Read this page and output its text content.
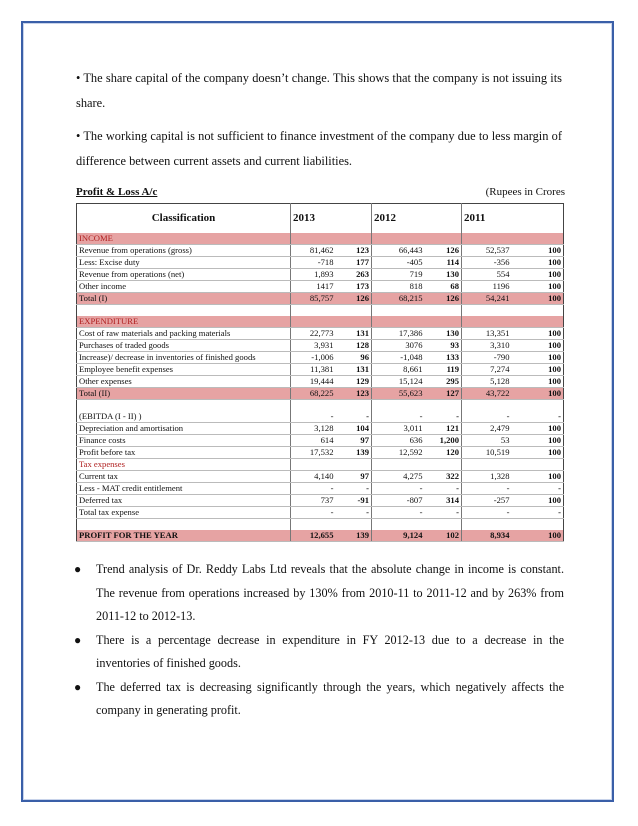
• The share capital of the company doesn’t change. This shows that the company is not issuing its share.
• The working capital is not sufficient to finance investment of the company due to less margin of difference between current assets and current liabilities.
Profit & Loss A/c	(Rupees in Crores
Classification	2013		2012		2011	
INCOME						
Revenue from operations (gross)	81,462	123	66,443	126	52,537	100
Less: Excise duty	-718	177	-405	114	-356	100
Revenue from operations (net)	1,893	263	719	130	554	100
Other income	1417	173	818	68	1196	100
Total (I)	85,757	126	68,215	126	54,241	100

EXPENDITURE						
Cost of raw materials and packing materials	22,773	131	17,386	130	13,351	100
Purchases of traded goods	3,931	128	3076	93	3,310	100
Increase)/ decrease in inventories of finished goods	-1,006	96	-1,048	133	-790	100
Employee benefit expenses	11,381	131	8,661	119	7,274	100
Other expenses	19,444	129	15,124	295	5,128	100
Total (II)	68,225	123	55,623	127	43,722	100

(EBITDA (I - II) )	-	-	-	-	-	-
Depreciation and amortisation	3,128	104	3,011	121	2,479	100
Finance costs	614	97	636	1,200	53	100
Profit before tax	17,532	139	12,592	120	10,519	100
Tax expenses						
Current tax	4,140	97	4,275	322	1,328	100
Less - MAT credit entitlement	-	-	-	-	-	-
Deferred tax	737	-91	-807	314	-257	100
Total tax expense	-	-	-	-	-	-

PROFIT FOR THE YEAR	12,655	139	9,124	102	8,934	100
● Trend analysis of Dr. Reddy Labs Ltd reveals that the absolute change in income is constant. The revenue from operations increased by 130% from 2010-11 to 2011-12 and by 263% from 2011-12 to 2012-13.
● There is a percentage decrease in expenditure in FY 2012-13 due to a decrease in the inventories of finished goods.
● The deferred tax is decreasing significantly through the years, which negatively affects the company in generating profit.
